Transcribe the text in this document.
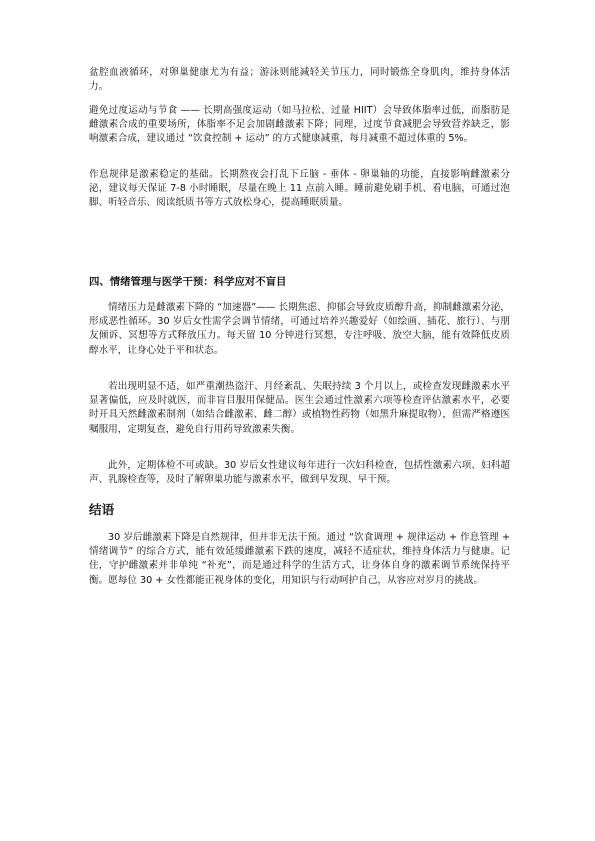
盆腔血液循环，对卵巢健康尤为有益；游泳则能减轻关节压力，同时锻炼全身肌肉，维持身体活力。

避免过度运动与节食 —— 长期高强度运动（如马拉松、过量 HIIT）会导致体脂率过低，而脂肪是雌激素合成的重要场所，体脂率不足会加剧雌激素下降；同理，过度节食减肥会导致营养缺乏，影响激素合成，建议通过 “饮食控制 + 运动” 的方式健康减重，每月减重不超过体重的 5%。

作息规律是激素稳定的基础。长期熬夜会打乱下丘脑 - 垂体 - 卵巢轴的功能，直接影响雌激素分泌，建议每天保证 7-8 小时睡眠，尽量在晚上 11 点前入睡。睡前避免刷手机、看电脑，可通过泡脚、听轻音乐、阅读纸质书等方式放松身心，提高睡眠质量。

四、情绪管理与医学干预：科学应对不盲目

情绪压力是雌激素下降的 “加速器”—— 长期焦虑、抑郁会导致皮质醇升高，抑制雌激素分泌，形成恶性循环。30 岁后女性需学会调节情绪，可通过培养兴趣爱好（如绘画、插花、旅行）、与朋友倾诉、冥想等方式释放压力。每天留 10 分钟进行冥想，专注呼吸、放空大脑，能有效降低皮质醇水平，让身心处于平和状态。

若出现明显不适，如严重潮热盗汗、月经紊乱、失眠持续 3 个月以上，或检查发现雌激素水平显著偏低，应及时就医，而非盲目服用保健品。医生会通过性激素六项等检查评估激素水平，必要时开具天然雌激素制剂（如结合雌激素、雌二醇）或植物性药物（如黑升麻提取物），但需严格遵医嘱服用，定期复查，避免自行用药导致激素失衡。

此外，定期体检不可或缺。30 岁后女性建议每年进行一次妇科检查，包括性激素六项、妇科超声、乳腺检查等，及时了解卵巢功能与激素水平，做到早发现、早干预。

结语

30 岁后雌激素下降是自然规律，但并非无法干预。通过 “饮食调理 + 规律运动 + 作息管理 + 情绪调节” 的综合方式，能有效延缓雌激素下跌的速度，减轻不适症状，维持身体活力与健康。记住，守护雌激素并非单纯 “补充”，而是通过科学的生活方式，让身体自身的激素调节系统保持平衡。愿每位 30 + 女性都能正视身体的变化，用知识与行动呵护自己，从容应对岁月的挑战。
